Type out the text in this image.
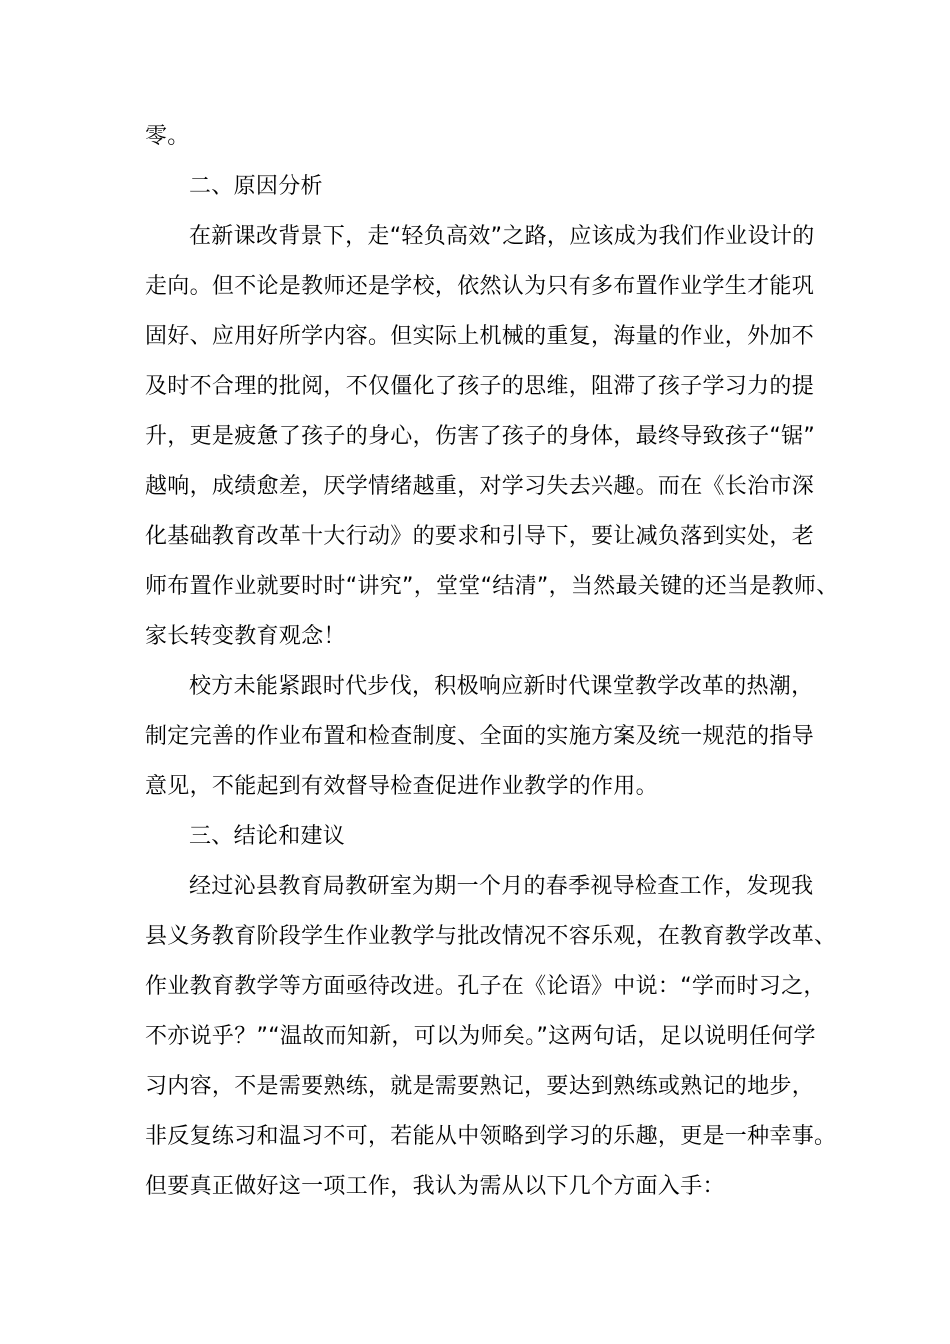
零。
二、原因分析
在新课改背景下，走“轻负高效”之路，应该成为我们作业设计的
走向。但不论是教师还是学校，依然认为只有多布置作业学生才能巩
固好、应用好所学内容。但实际上机械的重复，海量的作业，外加不
及时不合理的批阅，不仅僵化了孩子的思维，阻滞了孩子学习力的提
升，更是疲惫了孩子的身心，伤害了孩子的身体，最终导致孩子“锯”
越响，成绩愈差，厌学情绪越重，对学习失去兴趣。而在《长治市深
化基础教育改革十大行动》的要求和引导下，要让减负落到实处，老
师布置作业就要时时“讲究”，堂堂“结清”，当然最关键的还当是教师、
家长转变教育观念！
校方未能紧跟时代步伐，积极响应新时代课堂教学改革的热潮，
制定完善的作业布置和检查制度、全面的实施方案及统一规范的指导
意见，不能起到有效督导检查促进作业教学的作用。
三、结论和建议
经过沁县教育局教研室为期一个月的春季视导检查工作，发现我
县义务教育阶段学生作业教学与批改情况不容乐观，在教育教学改革、
作业教育教学等方面亟待改进。孔子在《论语》中说：“学而时习之，
不亦说乎？”“温故而知新，可以为师矣。”这两句话，足以说明任何学
习内容，不是需要熟练，就是需要熟记，要达到熟练或熟记的地步，
非反复练习和温习不可，若能从中领略到学习的乐趣，更是一种幸事。
但要真正做好这一项工作，我认为需从以下几个方面入手：
